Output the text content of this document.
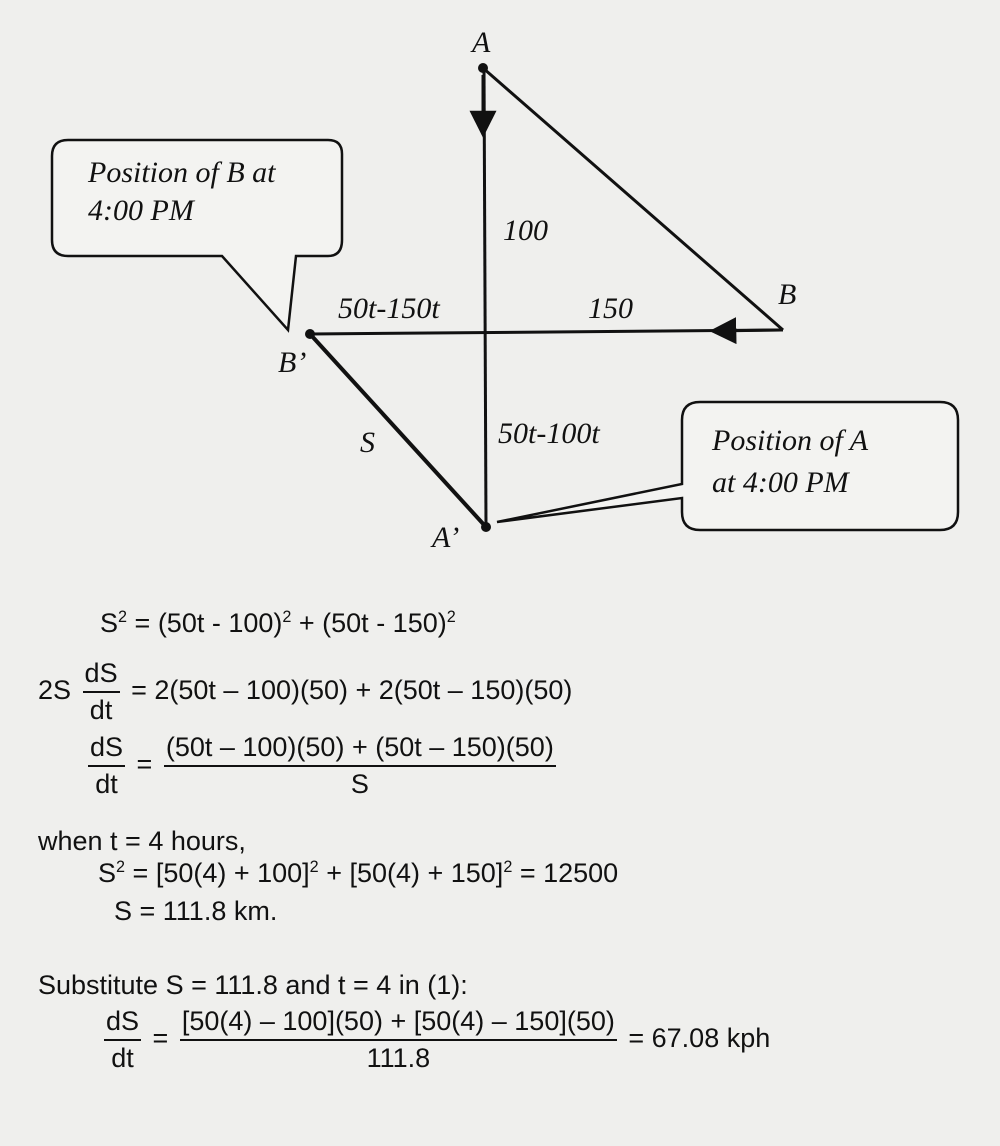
A
B
B’
A’
100
150
50t-150t
50t-100t
S
Position of B at
4:00 PM
Position of A
at 4:00 PM
$S^2 = (50t - 100)^2 + (50t - 150)^2$
$2S \frac{dS}{dt} = 2(50t - 100)(50) + 2(50t - 150)(50)$
$\frac{dS}{dt} = \frac{(50t - 100)(50) + (50t - 150)(50)}{S}$
when t = 4 hours,
$S^2 = [50(4) + 100]^2 + [50(4) + 150]^2 = 12500$
S = 111.8 km.
Substitute S = 111.8 and t = 4 in (1):
$\frac{dS}{dt} = \frac{[50(4) - 100](50) + [50(4) - 150](50)}{111.8} = 67.08$ kph
